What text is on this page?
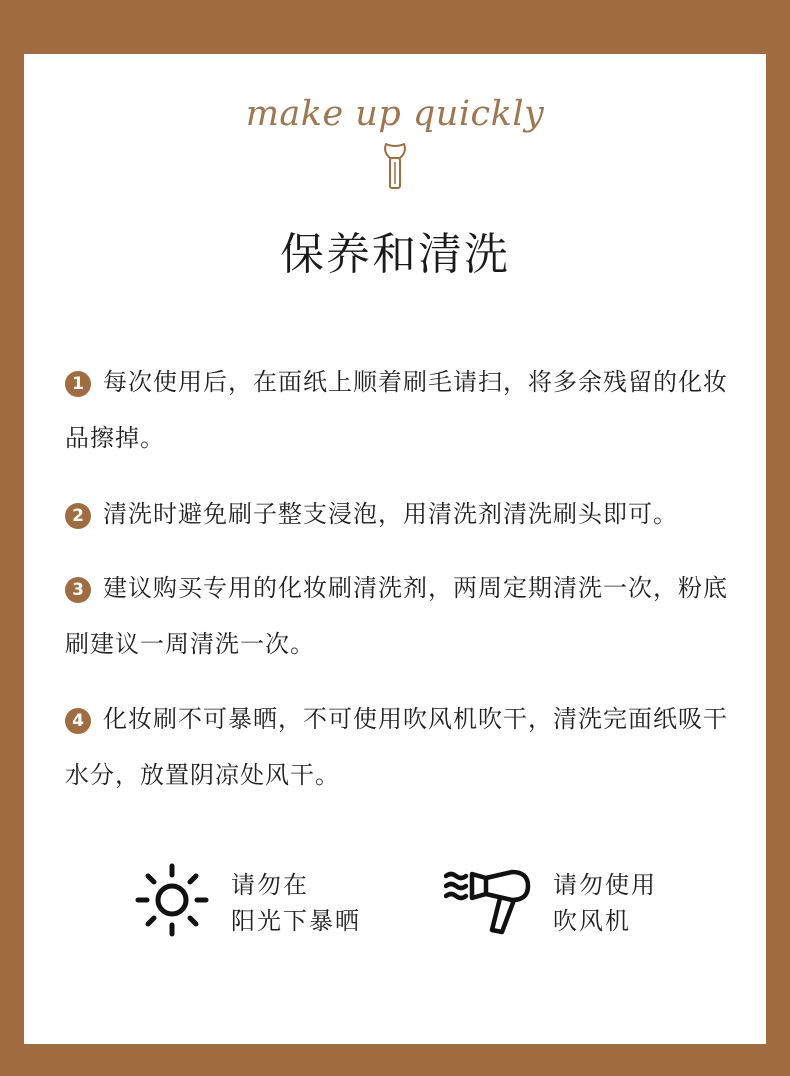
make up quickly
保养和清洗
1 每次使用后，在面纸上顺着刷毛请扫，将多余残留的化妆品擦掉。
2 清洗时避免刷子整支浸泡，用清洗剂清洗刷头即可。
3 建议购买专用的化妆刷清洗剂，两周定期清洗一次，粉底刷建议一周清洗一次。
4 化妆刷不可暴晒，不可使用吹风机吹干，清洗完面纸吸干水分，放置阴凉处风干。
请勿在
阳光下暴晒
请勿使用
吹风机
